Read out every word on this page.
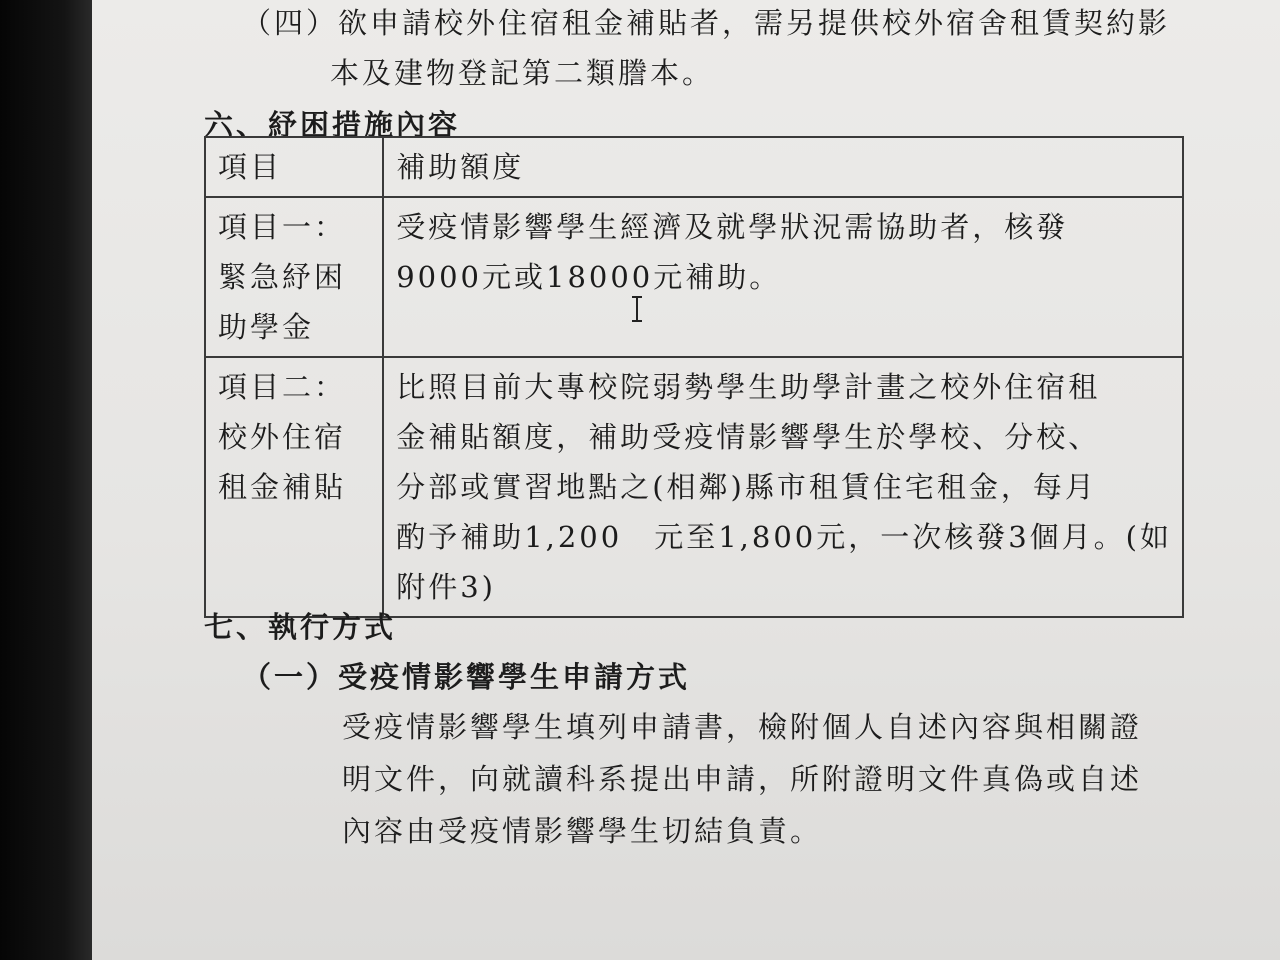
（四）欲申請校外住宿租金補貼者，需另提供校外宿舍租賃契約影
本及建物登記第二類謄本。
六、紓困措施內容
項目	補助額度

項目一：
緊急紓困
助學金	受疫情影響學生經濟及就學狀況需協助者，核發
9000元或18000元補助。

項目二：
校外住宿
租金補貼	比照目前大專校院弱勢學生助學計畫之校外住宿租
金補貼額度，補助受疫情影響學生於學校、分校、
分部或實習地點之(相鄰)縣市租賃住宅租金，每月
酌予補助1,200　元至1,800元，一次核發3個月。(如
附件3)
七、執行方式
（一）受疫情影響學生申請方式
受疫情影響學生填列申請書，檢附個人自述內容與相關證
明文件，向就讀科系提出申請，所附證明文件真偽或自述
內容由受疫情影響學生切結負責。
